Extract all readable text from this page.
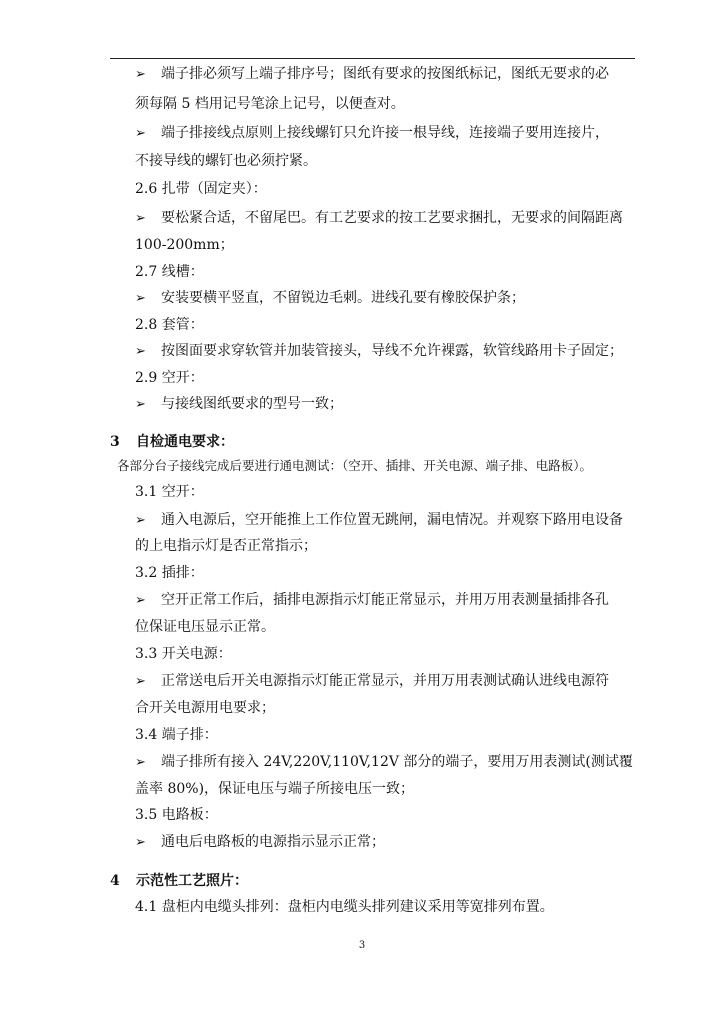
➢ 端子排必须写上端子排序号；图纸有要求的按图纸标记，图纸无要求的必
须每隔 5 档用记号笔涂上记号，以便查对。
➢ 端子排接线点原则上接线螺钉只允许接一根导线，连接端子要用连接片，
不接导线的螺钉也必须拧紧。
2.6 扎带（固定夹）：
➢ 要松紧合适，不留尾巴。有工艺要求的按工艺要求捆扎，无要求的间隔距离
100-200mm；
2.7 线槽：
➢ 安装要横平竖直，不留锐边毛刺。进线孔要有橡胶保护条；
2.8 套管：
➢ 按图面要求穿软管并加装管接头，导线不允许裸露，软管线路用卡子固定；
2.9 空开：
➢ 与接线图纸要求的型号一致；
3 自检通电要求：
各部分台子接线完成后要进行通电测试：（空开、插排、开关电源、端子排、电路板）。
3.1 空开：
➢ 通入电源后，空开能推上工作位置无跳闸，漏电情况。并观察下路用电设备
的上电指示灯是否正常指示；
3.2 插排：
➢ 空开正常工作后，插排电源指示灯能正常显示，并用万用表测量插排各孔
位保证电压显示正常。
3.3 开关电源：
➢ 正常送电后开关电源指示灯能正常显示，并用万用表测试确认进线电源符
合开关电源用电要求；
3.4 端子排：
➢ 端子排所有接入 24V,220V,110V,12V 部分的端子，要用万用表测试(测试覆
盖率 80%)，保证电压与端子所接电压一致；
3.5 电路板：
➢ 通电后电路板的电源指示显示正常；
4 示范性工艺照片：
4.1 盘柜内电缆头排列：盘柜内电缆头排列建议采用等宽排列布置。
3
